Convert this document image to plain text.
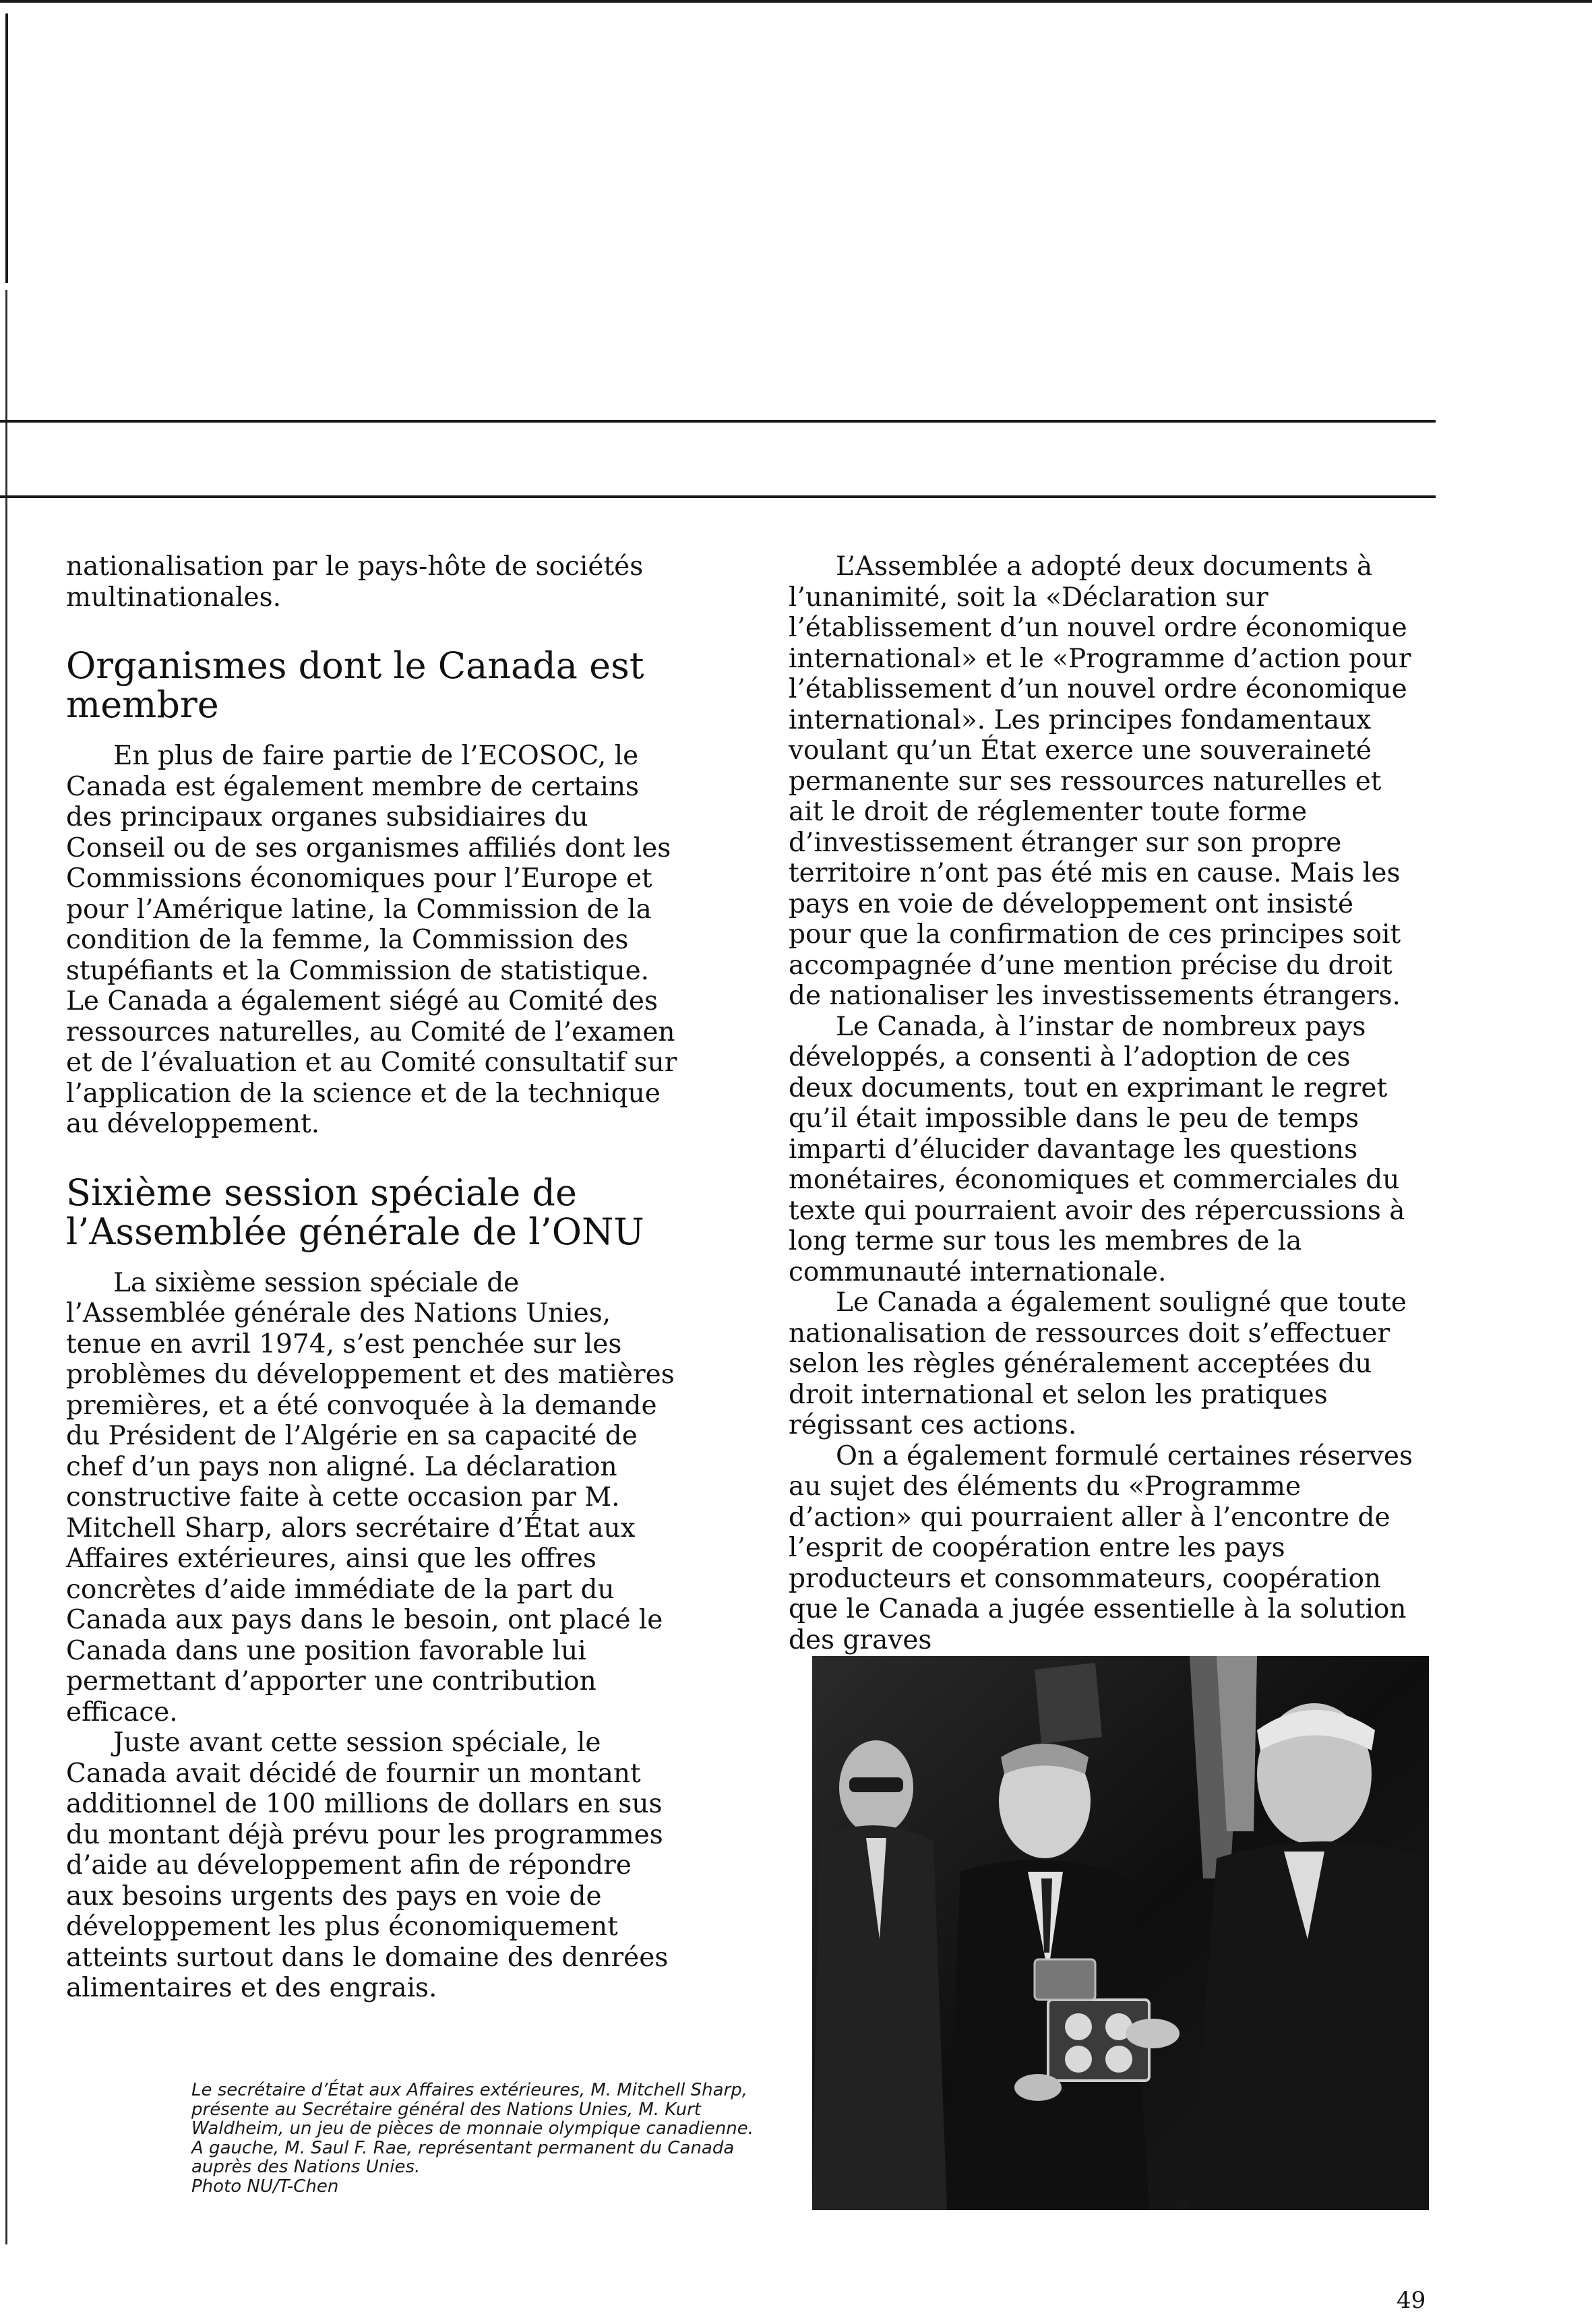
nationalisation par le pays-hôte de sociétés multinationales.

Organismes dont le Canada est membre

En plus de faire partie de l’ECOSOC, le Canada est également membre de certains des principaux organes subsidiaires du Conseil ou de ses organismes affiliés dont les Commissions économiques pour l’Europe et pour l’Amérique latine, la Commission de la condition de la femme, la Commission des stupéfiants et la Commission de statistique. Le Canada a également siégé au Comité des ressources naturelles, au Comité de l’examen et de l’évaluation et au Comité consultatif sur l’application de la science et de la technique au développement.

Sixième session spéciale de l’Assemblée générale de l’ONU

La sixième session spéciale de l’Assemblée générale des Nations Unies, tenue en avril 1974, s’est penchée sur les problèmes du développement et des matières premières, et a été convoquée à la demande du Président de l’Algérie en sa capacité de chef d’un pays non aligné. La déclaration constructive faite à cette occasion par M. Mitchell Sharp, alors secrétaire d’État aux Affaires extérieures, ainsi que les offres concrètes d’aide immédiate de la part du Canada aux pays dans le besoin, ont placé le Canada dans une position favorable lui permettant d’apporter une contribution efficace.

Juste avant cette session spéciale, le Canada avait décidé de fournir un montant additionnel de 100 millions de dollars en sus du montant déjà prévu pour les programmes d’aide au développement afin de répondre aux besoins urgents des pays en voie de développement les plus économiquement atteints surtout dans le domaine des denrées alimentaires et des engrais.

L’Assemblée a adopté deux documents à l’unanimité, soit la «Déclaration sur l’établissement d’un nouvel ordre économique international» et le «Programme d’action pour l’établissement d’un nouvel ordre économique international». Les principes fondamentaux voulant qu’un État exerce une souveraineté permanente sur ses ressources naturelles et ait le droit de réglementer toute forme d’investissement étranger sur son propre territoire n’ont pas été mis en cause. Mais les pays en voie de développement ont insisté pour que la confirmation de ces principes soit accompagnée d’une mention précise du droit de nationaliser les investissements étrangers.

Le Canada, à l’instar de nombreux pays développés, a consenti à l’adoption de ces deux documents, tout en exprimant le regret qu’il était impossible dans le peu de temps imparti d’élucider davantage les questions monétaires, économiques et commerciales du texte qui pourraient avoir des répercussions à long terme sur tous les membres de la communauté internationale.

Le Canada a également souligné que toute nationalisation de ressources doit s’effectuer selon les règles généralement acceptées du droit international et selon les pratiques régissant ces actions.

On a également formulé certaines réserves au sujet des éléments du «Programme d’action» qui pourraient aller à l’encontre de l’esprit de coopération entre les pays producteurs et consommateurs, coopération que le Canada a jugée essentielle à la solution des graves

Le secrétaire d’État aux Affaires extérieures, M. Mitchell Sharp, présente au Secrétaire général des Nations Unies, M. Kurt Waldheim, un jeu de pièces de monnaie olympique canadienne. A gauche, M. Saul F. Rae, représentant permanent du Canada auprès des Nations Unies.

Photo NU/T-Chen

49
